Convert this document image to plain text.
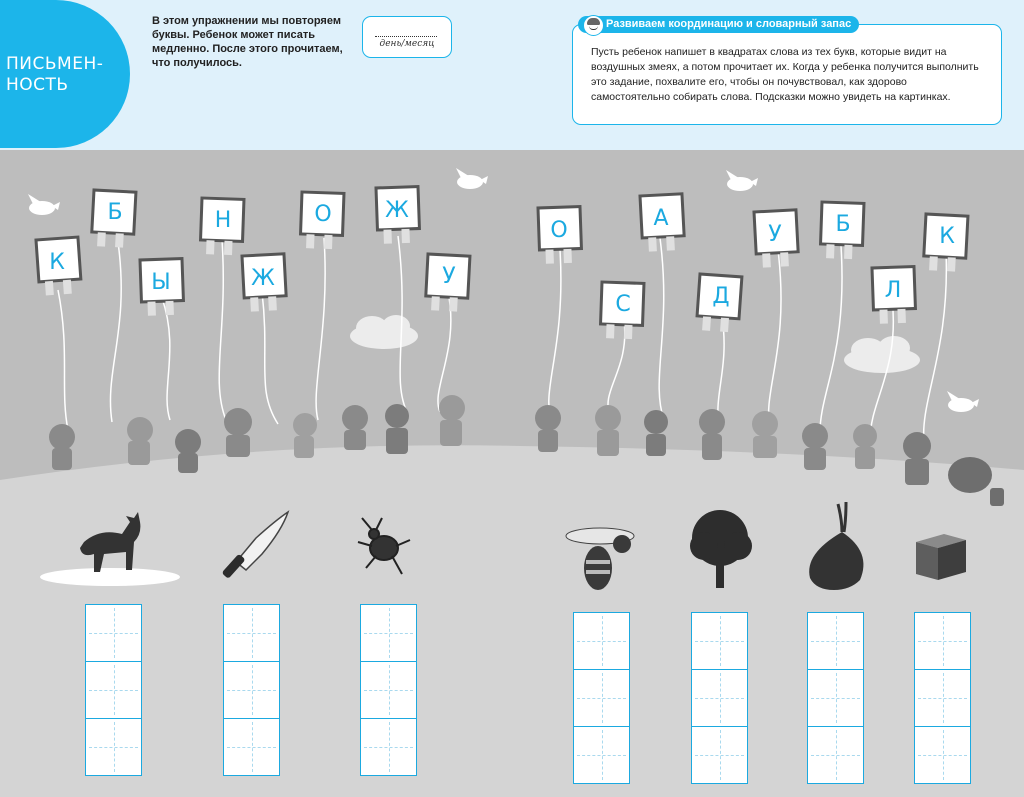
ПИСЬМЕН-
НОСТЬ
В этом упражнении мы повторяем буквы. Ребенок может писать медленно. После этого прочитаем, что получилось.
день/месяц
Развиваем координацию и словарный запас
Пусть ребенок напишет в квадратах слова из тех букв, которые видит на воздушных змеях, а потом прочитает их. Когда у ребенка получится выполнить это задание, похвалите его, чтобы он почувствовал, как здорово самостоятельно собирать слова. Подсказки можно увидеть на картинках.
К
Б
Ы
Н
Ж
О Ж
У
О
С
А
Д
У Б
Л
К
